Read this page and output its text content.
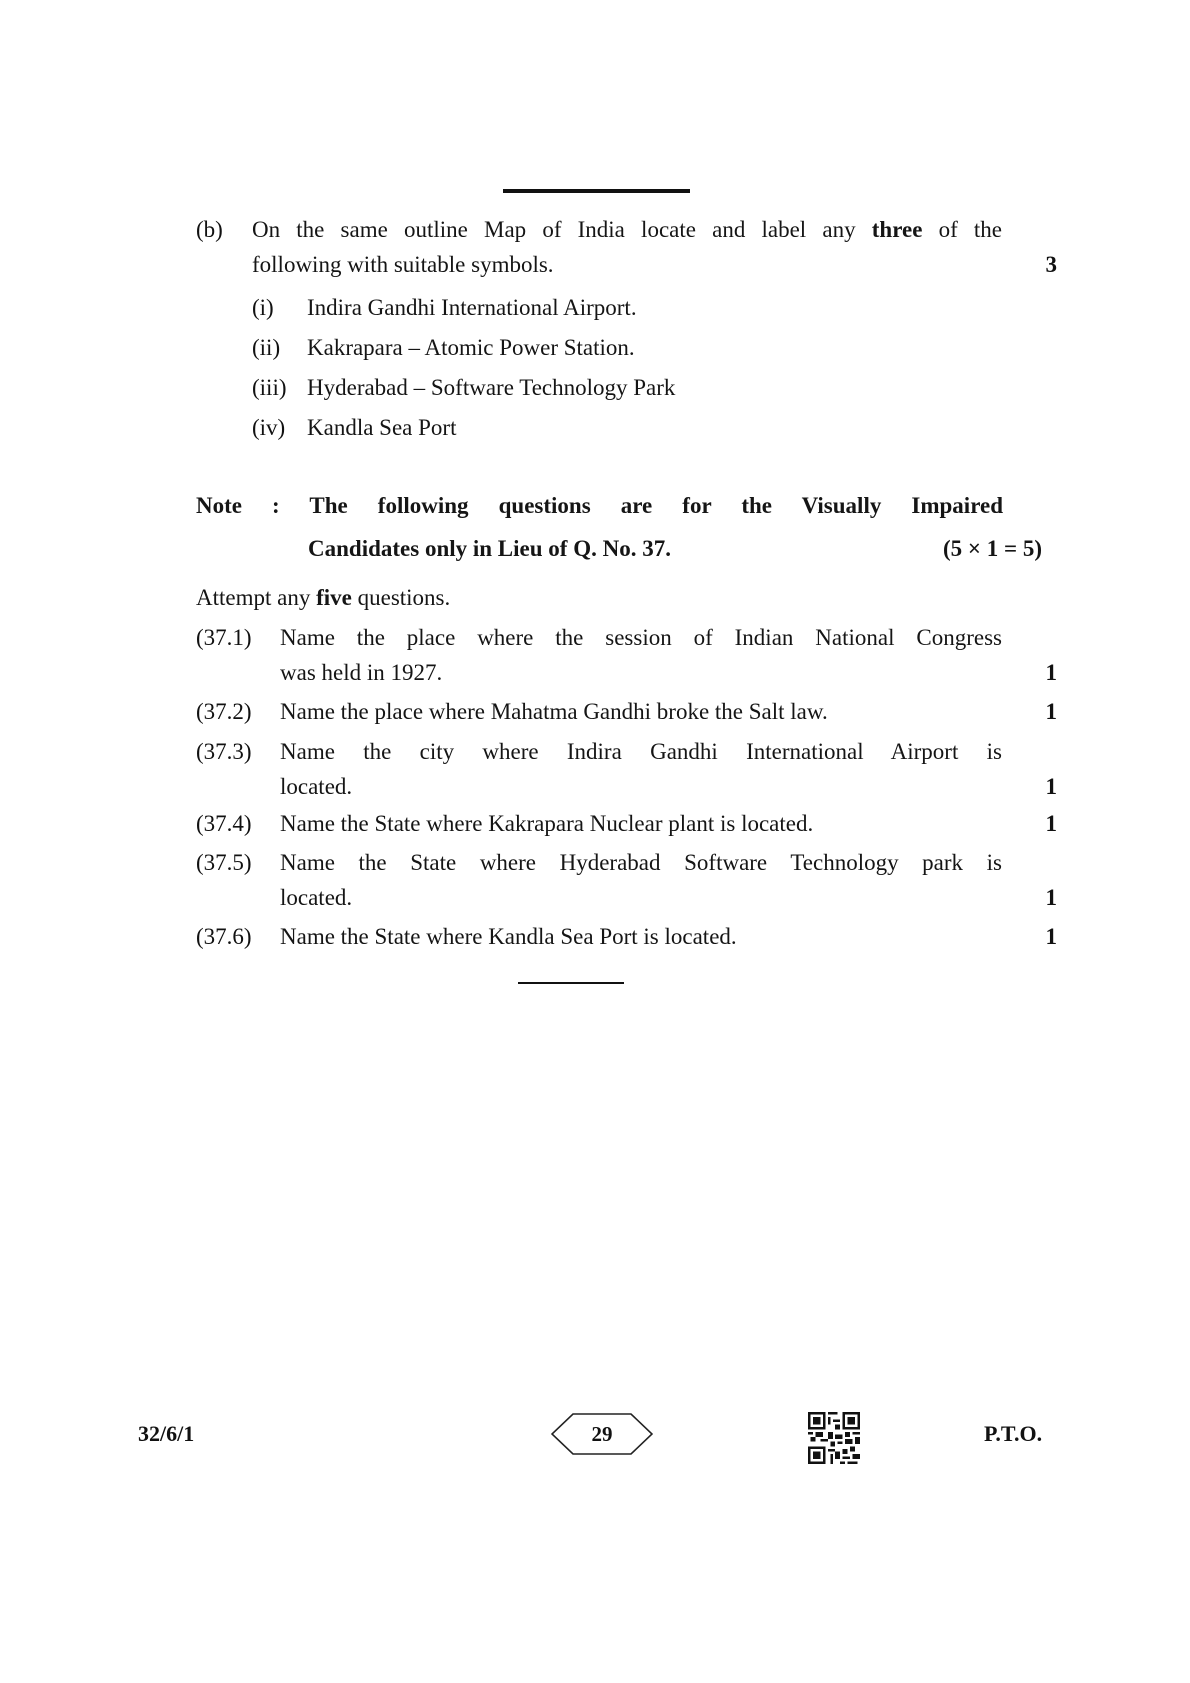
(b) On the same outline Map of India locate and label any three of the
following with suitable symbols.	3
(i) Indira Gandhi International Airport.
(ii) Kakrapara – Atomic Power Station.
(iii) Hyderabad – Software Technology Park
(iv) Kandla Sea Port
Note : The following questions are for the Visually Impaired
Candidates only in Lieu of Q. No. 37.	(5 × 1 = 5)
Attempt any five questions.
(37.1) Name the place where the session of Indian National Congress
was held in 1927.	1
(37.2) Name the place where Mahatma Gandhi broke the Salt law.	1
(37.3) Name the city where Indira Gandhi International Airport is
located.	1
(37.4) Name the State where Kakrapara Nuclear plant is located.	1
(37.5) Name the State where Hyderabad Software Technology park is
located.	1
(37.6) Name the State where Kandla Sea Port is located.	1
32/6/1	29	P.T.O.
